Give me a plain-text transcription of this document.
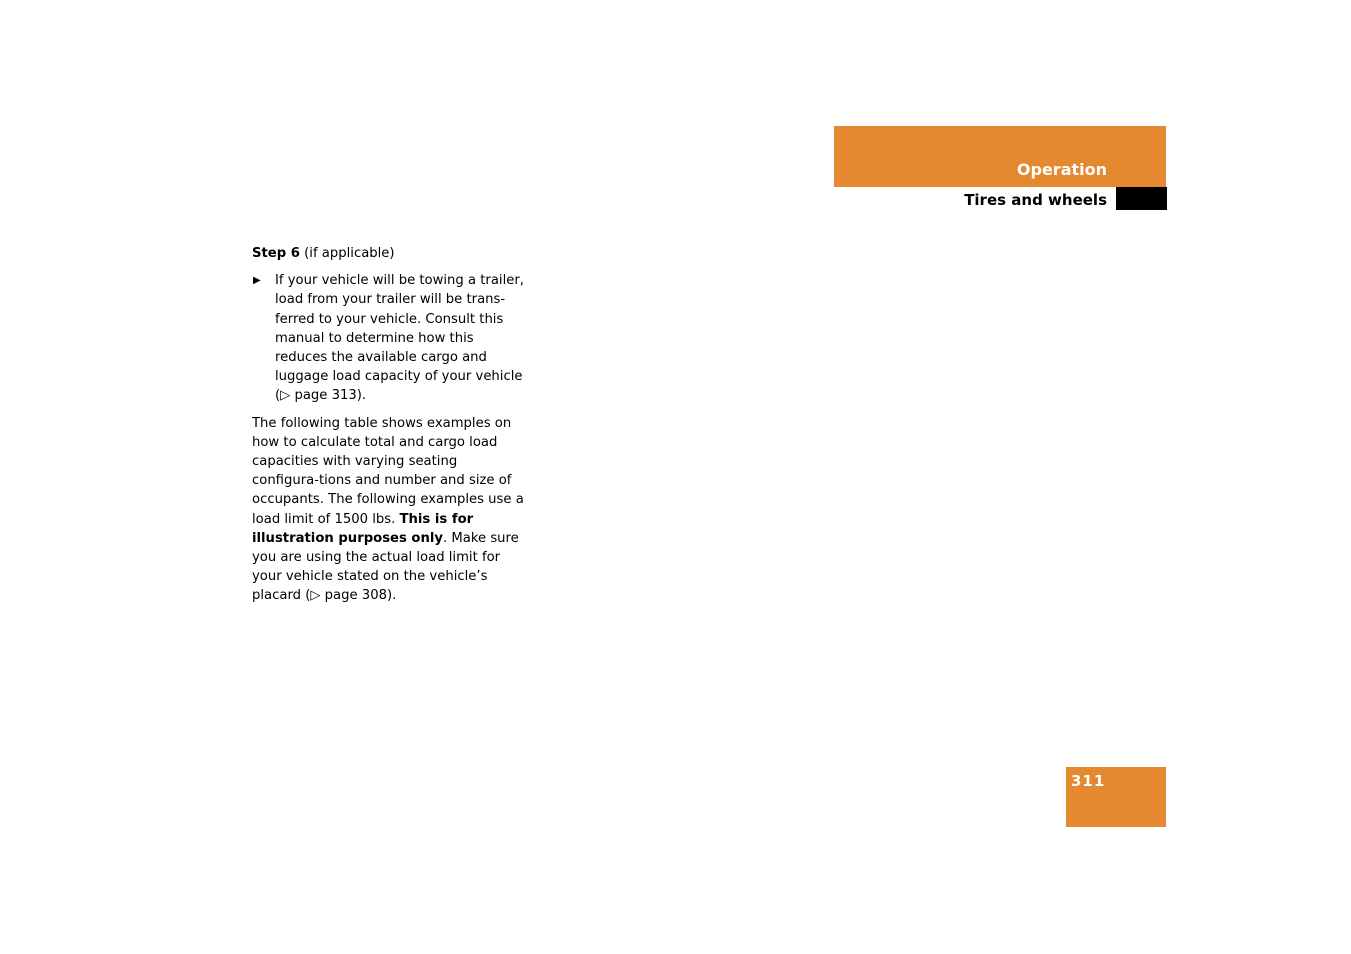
Operation
Tires and wheels

Step 6 (if applicable)

▶ If your vehicle will be towing a trailer, load from your trailer will be trans-ferred to your vehicle. Consult this manual to determine how this reduces the available cargo and luggage load capacity of your vehicle (▷ page 313).

The following table shows examples on how to calculate total and cargo load capacities with varying seating configura-tions and number and size of occupants. The following examples use a load limit of 1500 lbs. This is for illustration purposes only. Make sure you are using the actual load limit for your vehicle stated on the vehicle’s placard (▷ page 308).

311
